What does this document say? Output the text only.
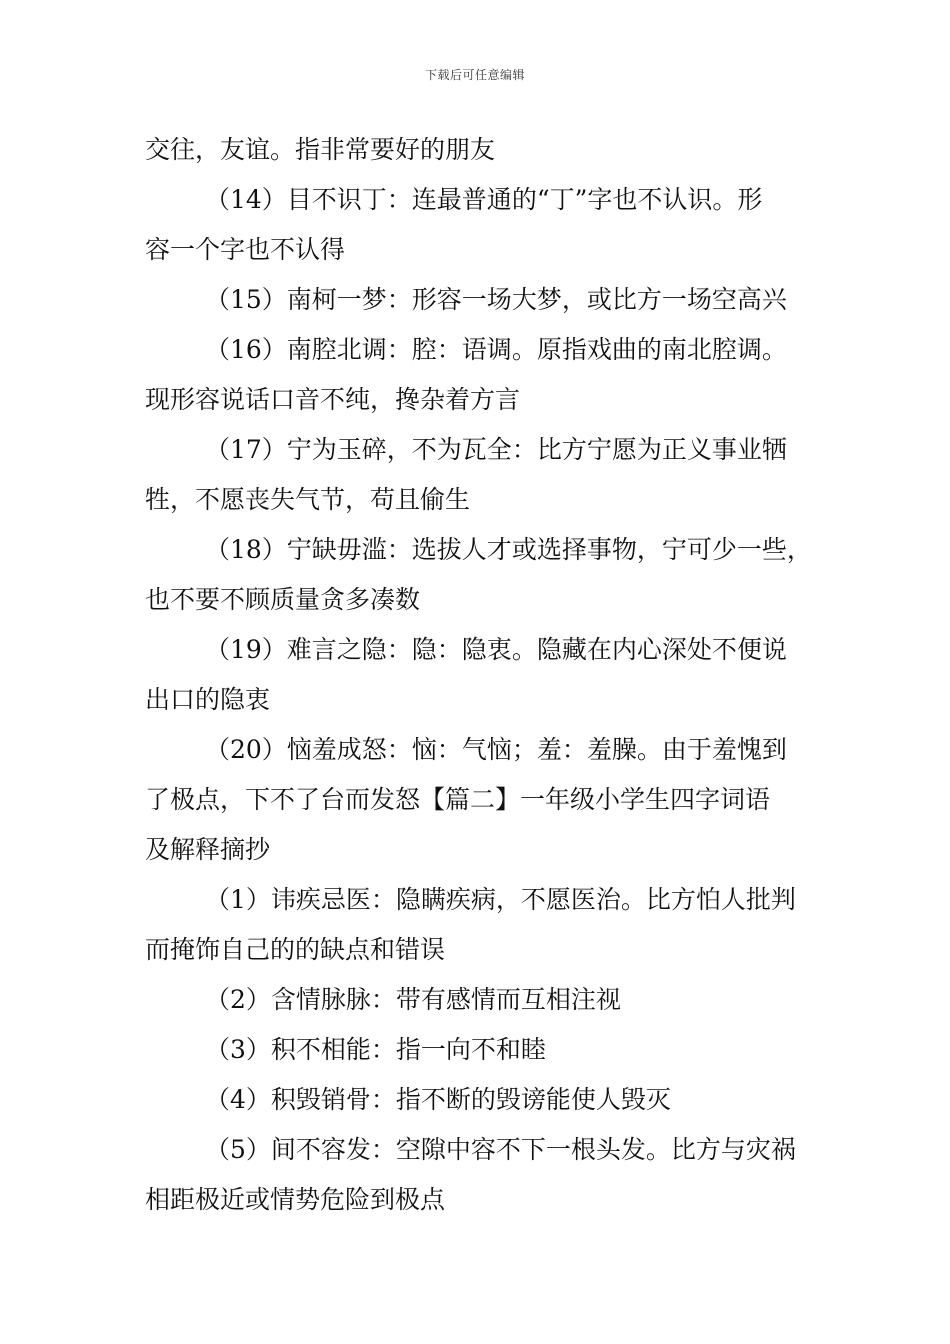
下载后可任意编辑
交往，友谊。指非常要好的朋友
（14）目不识丁：连最普通的“丁”字也不认识。形
容一个字也不认得
（15）南柯一梦：形容一场大梦，或比方一场空高兴
（16）南腔北调：腔：语调。原指戏曲的南北腔调。
现形容说话口音不纯，搀杂着方言
（17）宁为玉碎，不为瓦全：比方宁愿为正义事业牺
牲，不愿丧失气节，苟且偷生
（18）宁缺毋滥：选拔人才或选择事物，宁可少一些，
也不要不顾质量贪多凑数
（19）难言之隐：隐：隐衷。隐藏在内心深处不便说
出口的隐衷
（20）恼羞成怒：恼：气恼；羞：羞臊。由于羞愧到
了极点，下不了台而发怒【篇二】一年级小学生四字词语
及解释摘抄
（1）讳疾忌医：隐瞒疾病，不愿医治。比方怕人批判
而掩饰自己的的缺点和错误
（2）含情脉脉：带有感情而互相注视
（3）积不相能：指一向不和睦
（4）积毁销骨：指不断的毁谤能使人毁灭
（5）间不容发：空隙中容不下一根头发。比方与灾祸
相距极近或情势危险到极点
